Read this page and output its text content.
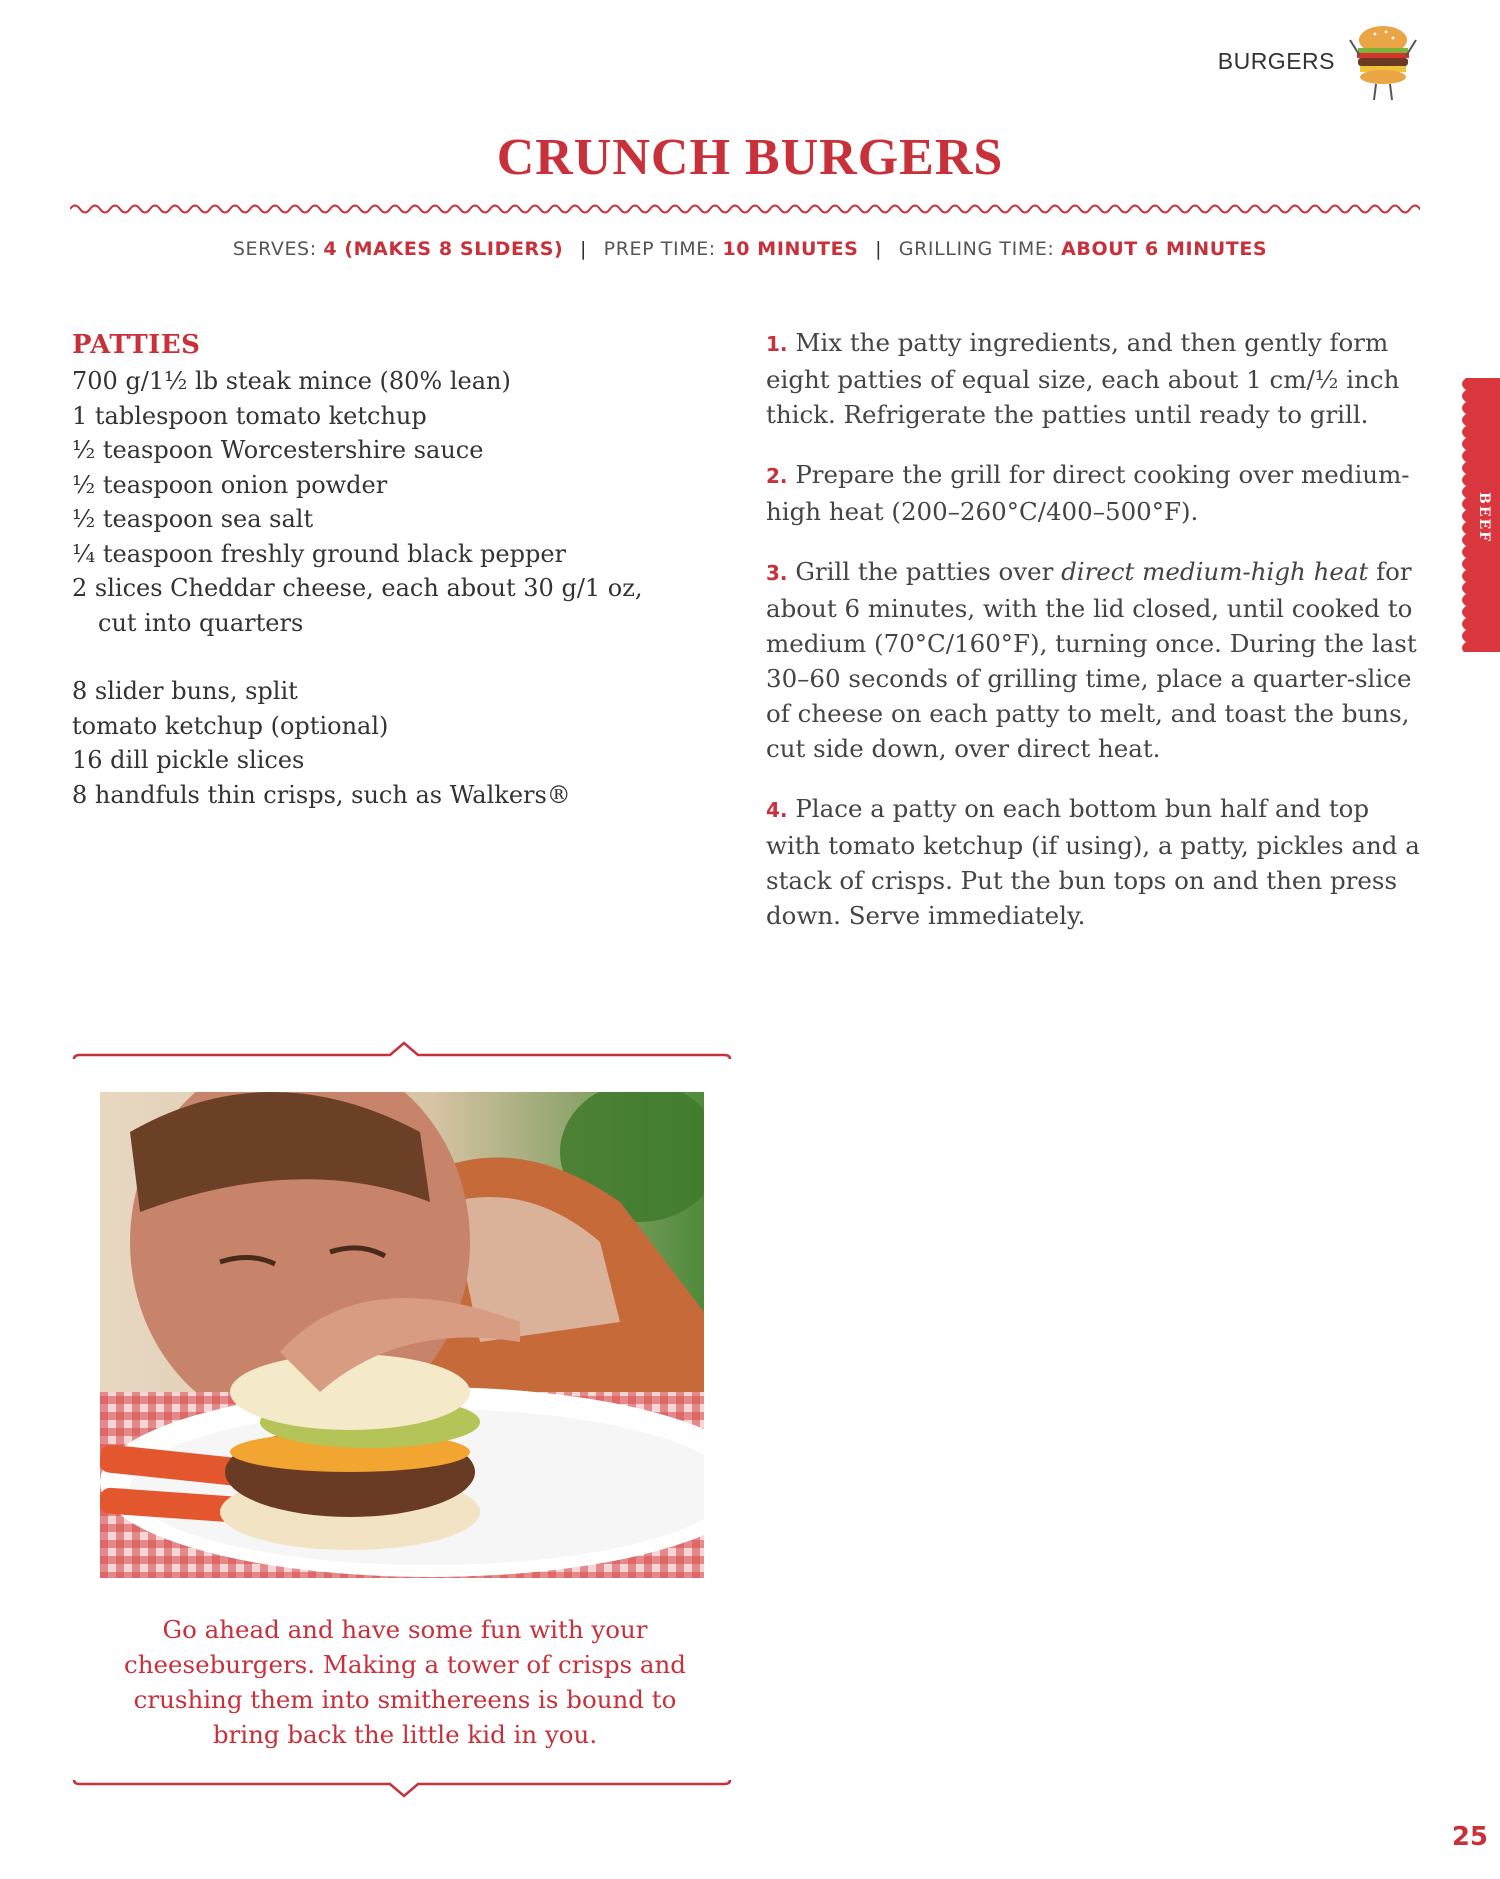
BURGERS
CRUNCH BURGERS
SERVES: 4 (MAKES 8 SLIDERS) | PREP TIME: 10 MINUTES | GRILLING TIME: ABOUT 6 MINUTES
PATTIES
700 g/1½ lb steak mince (80% lean)
1 tablespoon tomato ketchup
½ teaspoon Worcestershire sauce
½ teaspoon onion powder
½ teaspoon sea salt
¼ teaspoon freshly ground black pepper
2 slices Cheddar cheese, each about 30 g/1 oz,
cut into quarters
8 slider buns, split
tomato ketchup (optional)
16 dill pickle slices
8 handfuls thin crisps, such as Walkers®

1. Mix the patty ingredients, and then gently form eight patties of equal size, each about 1 cm/½ inch thick. Refrigerate the patties until ready to grill.

2. Prepare the grill for direct cooking over medium-high heat (200–260°C/400–500°F).

3. Grill the patties over direct medium-high heat for about 6 minutes, with the lid closed, until cooked to medium (70°C/160°F), turning once. During the last 30–60 seconds of grilling time, place a quarter-slice of cheese on each patty to melt, and toast the buns, cut side down, over direct heat.

4. Place a patty on each bottom bun half and top with tomato ketchup (if using), a patty, pickles and a stack of crisps. Put the bun tops on and then press down. Serve immediately.

Go ahead and have some fun with your cheeseburgers. Making a tower of crisps and crushing them into smithereens is bound to bring back the little kid in you.
BEEF
25
